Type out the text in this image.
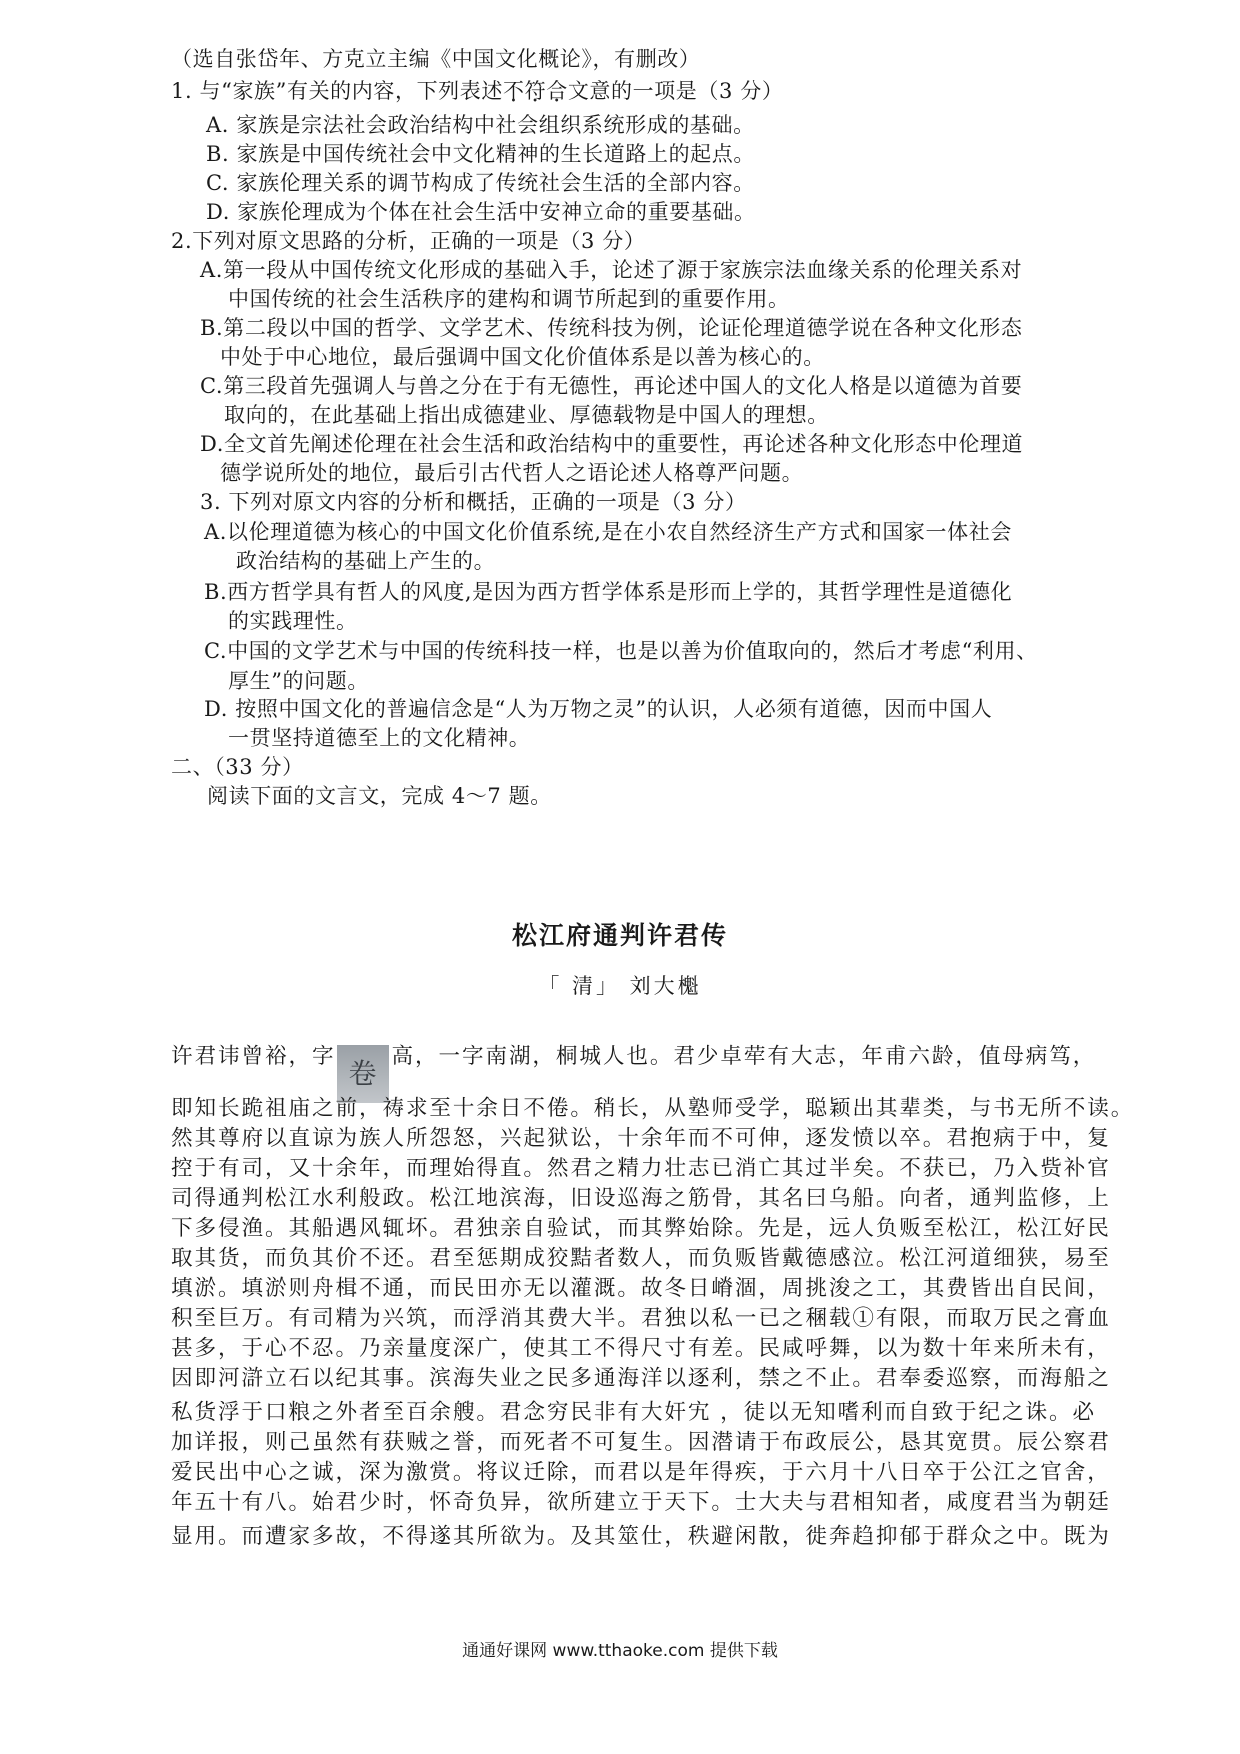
（选自张岱年、方克立主编《中国文化概论》，有删改）
1. 与“家族”有关的内容，下列表述不符合文意的一项是（3 分）
A. 家族是宗法社会政治结构中社会组织系统形成的基础。
B. 家族是中国传统社会中文化精神的生长道路上的起点。
C. 家族伦理关系的调节构成了传统社会生活的全部内容。
D. 家族伦理成为个体在社会生活中安神立命的重要基础。
2.下列对原文思路的分析，正确的一项是（3 分）
A.第一段从中国传统文化形成的基础入手，论述了源于家族宗法血缘关系的伦理关系对
中国传统的社会生活秩序的建构和调节所起到的重要作用。
B.第二段以中国的哲学、文学艺术、传统科技为例，论证伦理道德学说在各种文化形态
中处于中心地位，最后强调中国文化价值体系是以善为核心的。
C.第三段首先强调人与兽之分在于有无德性，再论述中国人的文化人格是以道德为首要
取向的，在此基础上指出成德建业、厚德载物是中国人的理想。
D.全文首先阐述伦理在社会生活和政治结构中的重要性，再论述各种文化形态中伦理道
德学说所处的地位，最后引古代哲人之语论述人格尊严问题。
3. 下列对原文内容的分析和概括，正确的一项是（3 分）
A.以伦理道德为核心的中国文化价值系统,是在小农自然经济生产方式和国家一体社会
政治结构的基础上产生的。
B.西方哲学具有哲人的风度,是因为西方哲学体系是形而上学的，其哲学理性是道德化
的实践理性。
C.中国的文学艺术与中国的传统科技一样，也是以善为价值取向的，然后才考虑“利用、
厚生”的问题。
D. 按照中国文化的普遍信念是“人为万物之灵”的认识，人必须有道德，因而中国人
一贯坚持道德至上的文化精神。
二、（33 分）
阅读下面的文言文，完成 4～7 题。
松江府通判许君传
「 清」 刘大櫆
许君讳曾裕，字卷高，一字南湖，桐城人也。君少卓荦有大志，年甫六龄，值母病笃，
即知长跪祖庙之前，祷求至十余日不倦。稍长，从塾师受学，聪颖出其辈类，与书无所不读。
然其尊府以直谅为族人所怨怒，兴起狱讼，十余年而不可伸，逐发愤以卒。君抱病于中，复
控于有司，又十余年，而理始得直。然君之精力壮志已消亡其过半矣。不获已，乃入赀补官
司得通判松江水利般政。松江地滨海，旧设巡海之筋骨，其名曰乌船。向者，通判监修，上
下多侵渔。其船遇风辄坏。君独亲自验试，而其弊始除。先是，远人负贩至松江，松江好民
取其货，而负其价不还。君至惩期成狡黠者数人，而负贩皆戴德感泣。松江河道细狭，易至
填淤。填淤则舟楫不通，而民田亦无以灌溉。故冬日嵴涸，周挑浚之工，其费皆出自民间，
积至巨万。有司精为兴筑，而浮消其费大半。君独以私一已之稛载①有限，而取万民之膏血
甚多，于心不忍。乃亲量度深广，使其工不得尺寸有差。民咸呼舞，以为数十年来所未有，
因即河滸立石以纪其事。滨海失业之民多通海洋以逐利，禁之不止。君奉委巡察，而海船之
私货浮于口粮之外者至百余艘。君念穷民非有大奸宄 ，徒以无知嗜利而自致于纪之诛。必
加详报，则己虽然有获贼之誉，而死者不可复生。因潜请于布政辰公，恳其宽贯。辰公察君
爱民出中心之诚，深为激赏。将议迁除，而君以是年得疾，于六月十八日卒于公江之官舍，
年五十有八。始君少时，怀奇负异，欲所建立于天下。士大夫与君相知者，咸度君当为朝廷
显用。而遭家多故，不得遂其所欲为。及其筮仕，秩避闲散，徙奔趋抑郁于群众之中。既为
通通好课网 www.tthaoke.com 提供下载
